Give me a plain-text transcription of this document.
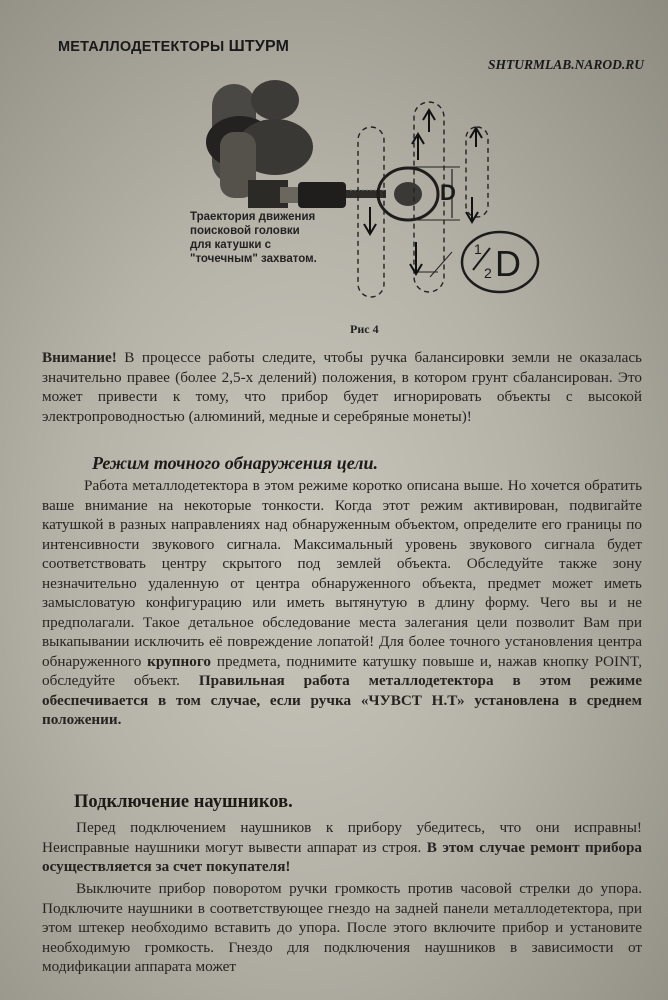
МЕТАЛЛОДЕТЕКТОРЫ ШТУРМ
SHTURMLAB.NAROD.RU
D
1
2 D
Траектория движения
поисковой головки
для катушки с
"точечным" захватом.
Рис 4
Внимание! В процессе работы следите, чтобы ручка балансировки земли не оказалась значительно правее (более 2,5-х делений) положения, в котором грунт сбалансирован. Это может привести к тому, что прибор будет игнорировать объекты с высокой электропроводностью (алюминий, медные и серебряные монеты)!
Режим точного обнаружения цели.
Работа металлодетектора в этом режиме коротко описана выше. Но хочется обратить ваше внимание на некоторые тонкости. Когда этот режим активирован, подвигайте катушкой в разных направлениях над обнаруженным объектом, определите его границы по интенсивности звукового сигнала. Максимальный уровень звукового сигнала будет соответствовать центру скрытого под землей объекта. Обследуйте также зону незначительно удаленную от центра обнаруженного объекта, предмет может иметь замысловатую конфигурацию или иметь вытянутую в длину форму. Чего вы и не предполагали. Такое детальное обследование места залегания цели позволит Вам при выкапывании исключить её повреждение лопатой! Для более точного установления центра обнаруженного крупного предмета, поднимите катушку повыше и, нажав кнопку POINT, обследуйте объект. Правильная работа металлодетектора в этом режиме обеспечивается в том случае, если ручка «ЧУВСТ Н.Т» установлена в среднем положении.
Подключение наушников.
Перед подключением наушников к прибору убедитесь, что они исправны! Неисправные наушники могут вывести аппарат из строя. В этом случае ремонт прибора осуществляется за счет покупателя!
Выключите прибор поворотом ручки громкость против часовой стрелки до упора. Подключите наушники в соответствующее гнездо на задней панели металлодетектора, при этом штекер необходимо вставить до упора. После этого включите прибор и установите необходимую громкость. Гнездо для подключения наушников в зависимости от модификации аппарата может
